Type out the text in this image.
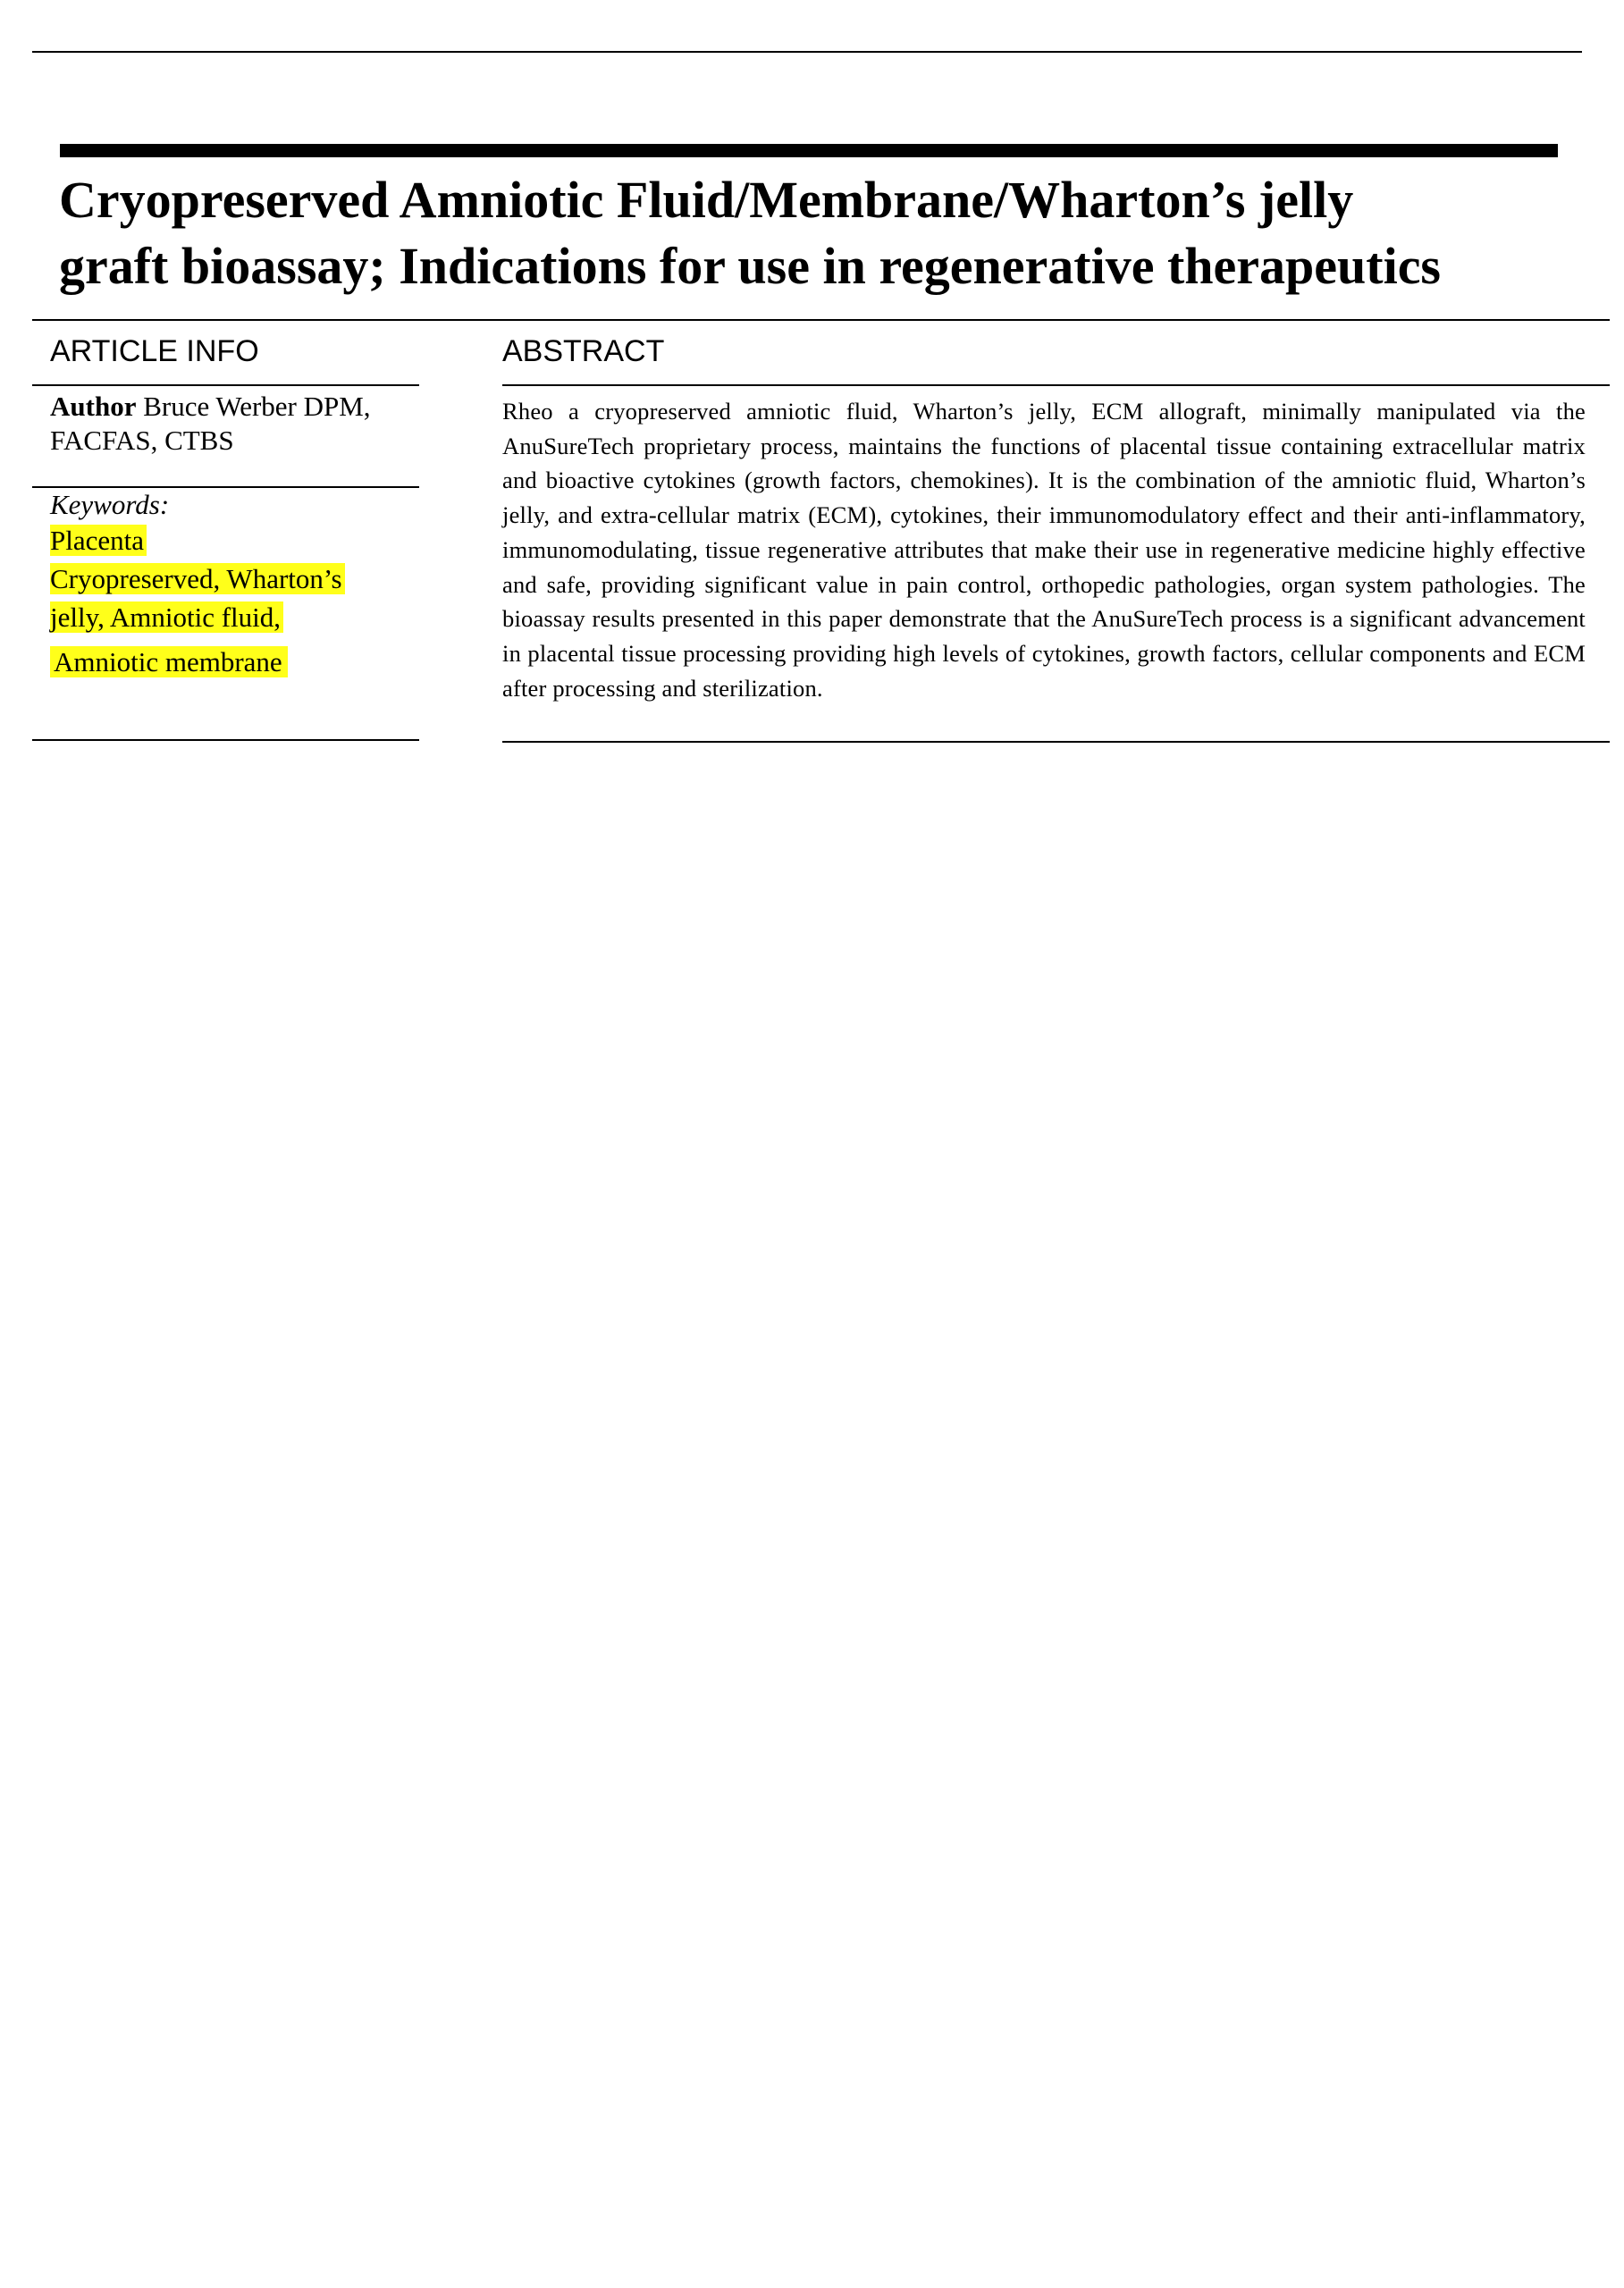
Cryopreserved Amniotic Fluid/Membrane/Wharton’s jelly
graft bioassay; Indications for use in regenerative therapeutics
ARTICLE INFO	ABSTRACT
Author Bruce Werber DPM, FACFAS, CTBS
Keywords:
Placenta
Cryopreserved, Wharton’s
jelly, Amniotic fluid,
Amniotic membrane

Rheo a cryopreserved amniotic fluid, Wharton’s jelly, ECM allograft, minimally manipulated via the AnuSureTech proprietary process, maintains the functions of placental tissue containing extracellular matrix and bioactive cytokines (growth factors, chemokines). It is the combination of the amniotic fluid, Wharton’s jelly, and extra-cellular matrix (ECM), cytokines, their immunomodulatory effect and their anti-inflammatory, immunomodulating, tissue regenerative attributes that make their use in regenerative medicine highly effective and safe, providing significant value in pain control, orthopedic pathologies, organ system pathologies. The bioassay results presented in this paper demonstrate that the AnuSureTech process is a significant advancement in placental tissue processing providing high levels of cytokines, growth factors, cellular components and ECM after processing and sterilization.
